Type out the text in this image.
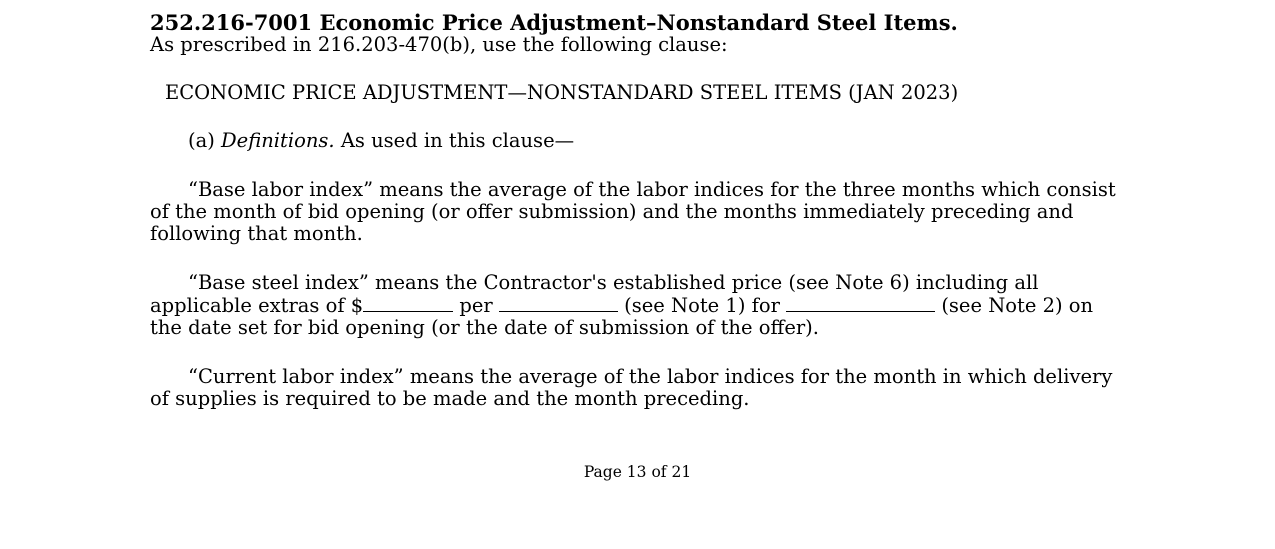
252.216-7001 Economic Price Adjustment–Nonstandard Steel Items.

As prescribed in 216.203-470(b), use the following clause:

ECONOMIC PRICE ADJUSTMENT—NONSTANDARD STEEL ITEMS (JAN 2023)

(a) Definitions. As used in this clause—

“Base labor index” means the average of the labor indices for the three months which consist of the month of bid opening (or offer submission) and the months immediately preceding and following that month.

“Base steel index” means the Contractor's established price (see Note 6) including all applicable extras of $	per	(see Note 1) for	(see Note 2) on the date set for bid opening (or the date of submission of the offer).

“Current labor index” means the average of the labor indices for the month in which delivery of supplies is required to be made and the month preceding.

Page 13 of 21
